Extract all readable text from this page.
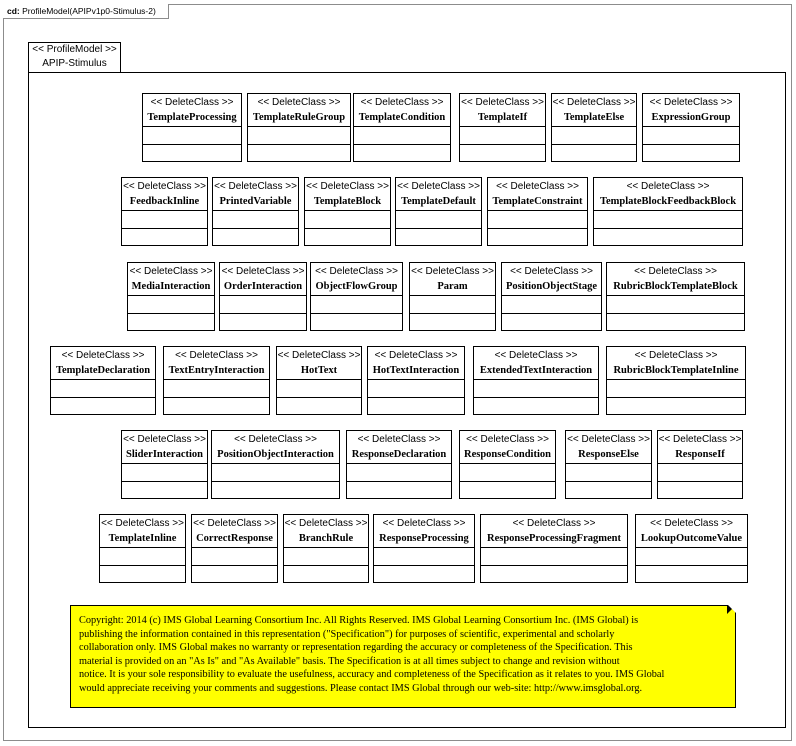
cd: ProfileModel(APIPv1p0-Stimulus-2)
<< ProfileModel >>
APIP-Stimulus
<< DeleteClass >>
TemplateProcessing
<< DeleteClass >>
TemplateRuleGroup
<< DeleteClass >>
TemplateCondition
<< DeleteClass >>
TemplateIf
<< DeleteClass >>
TemplateElse
<< DeleteClass >>
ExpressionGroup
<< DeleteClass >>
FeedbackInline
<< DeleteClass >>
PrintedVariable
<< DeleteClass >>
TemplateBlock
<< DeleteClass >>
TemplateDefault
<< DeleteClass >>
TemplateConstraint
<< DeleteClass >>
TemplateBlockFeedbackBlock
<< DeleteClass >>
MediaInteraction
<< DeleteClass >>
OrderInteraction
<< DeleteClass >>
ObjectFlowGroup
<< DeleteClass >>
Param
<< DeleteClass >>
PositionObjectStage
<< DeleteClass >>
RubricBlockTemplateBlock
<< DeleteClass >>
TemplateDeclaration
<< DeleteClass >>
TextEntryInteraction
<< DeleteClass >>
HotText
<< DeleteClass >>
HotTextInteraction
<< DeleteClass >>
ExtendedTextInteraction
<< DeleteClass >>
RubricBlockTemplateInline
<< DeleteClass >>
SliderInteraction
<< DeleteClass >>
PositionObjectInteraction
<< DeleteClass >>
ResponseDeclaration
<< DeleteClass >>
ResponseCondition
<< DeleteClass >>
ResponseElse
<< DeleteClass >>
ResponseIf
<< DeleteClass >>
TemplateInline
<< DeleteClass >>
CorrectResponse
<< DeleteClass >>
BranchRule
<< DeleteClass >>
ResponseProcessing
<< DeleteClass >>
ResponseProcessingFragment
<< DeleteClass >>
LookupOutcomeValue

Copyright: 2014 (c) IMS Global Learning Consortium Inc. All Rights Reserved. IMS Global Learning Consortium Inc. (IMS Global) is
publishing the information contained in this representation ("Specification") for purposes of scientific, experimental and scholarly
collaboration only. IMS Global makes no warranty or representation regarding the accuracy or completeness of the Specification. This
material is provided on an "As Is" and "As Available" basis. The Specification is at all times subject to change and revision without
notice. It is your sole responsibility to evaluate the usefulness, accuracy and completeness of the Specification as it relates to you. IMS Global
would appreciate receiving your comments and suggestions. Please contact IMS Global through our web-site: http://www.imsglobal.org.
